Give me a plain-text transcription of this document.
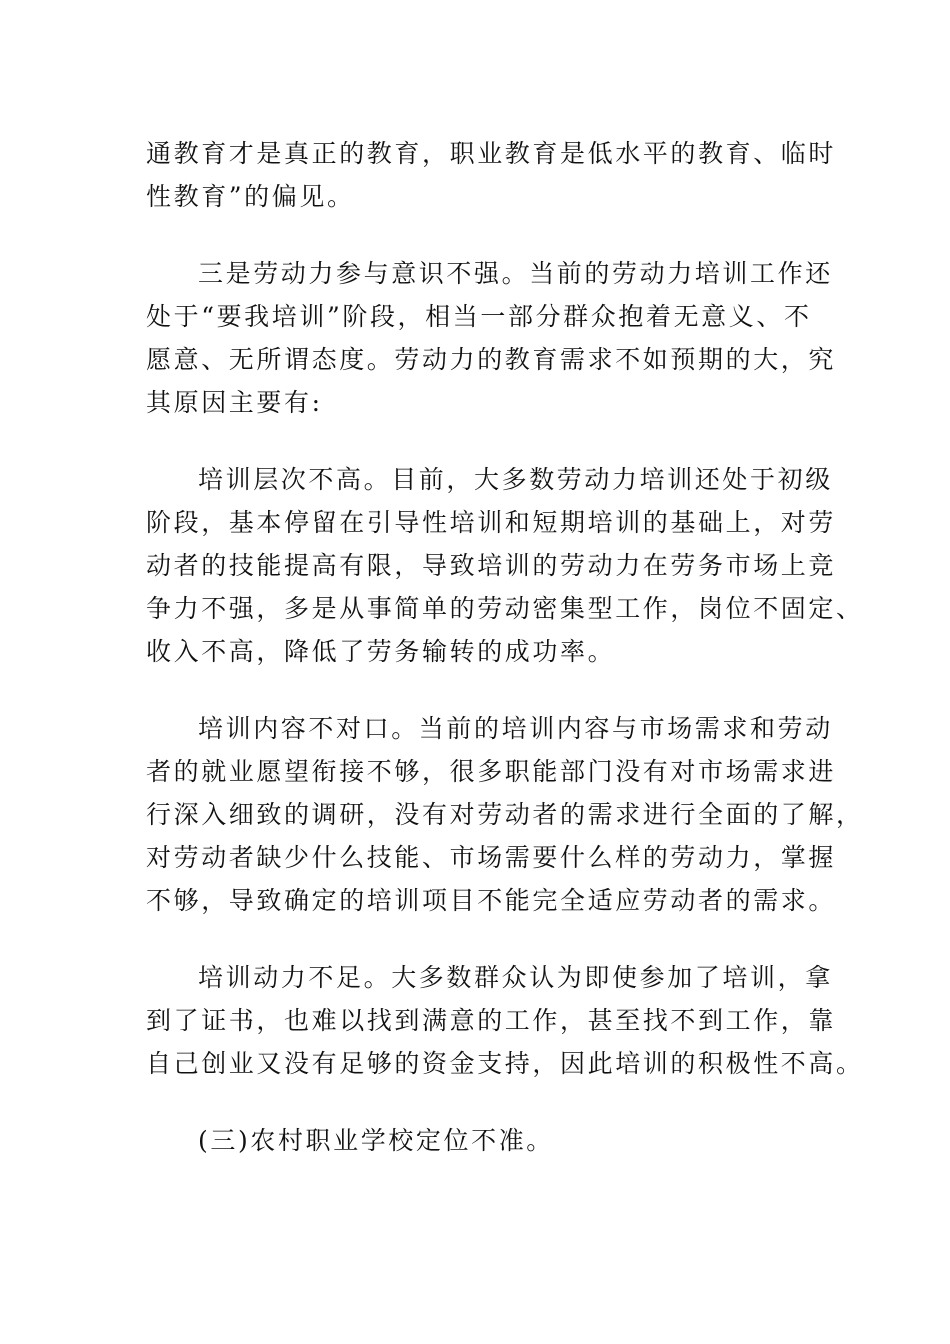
通教育才是真正的教育，职业教育是低水平的教育、临时
性教育”的偏见。

三是劳动力参与意识不强。当前的劳动力培训工作还
处于“要我培训”阶段，相当一部分群众抱着无意义、不
愿意、无所谓态度。劳动力的教育需求不如预期的大，究
其原因主要有:

培训层次不高。目前，大多数劳动力培训还处于初级
阶段，基本停留在引导性培训和短期培训的基础上，对劳
动者的技能提高有限，导致培训的劳动力在劳务市场上竞
争力不强，多是从事简单的劳动密集型工作，岗位不固定、
收入不高，降低了劳务输转的成功率。

培训内容不对口。当前的培训内容与市场需求和劳动
者的就业愿望衔接不够，很多职能部门没有对市场需求进
行深入细致的调研，没有对劳动者的需求进行全面的了解，
对劳动者缺少什么技能、市场需要什么样的劳动力，掌握
不够，导致确定的培训项目不能完全适应劳动者的需求。

培训动力不足。大多数群众认为即使参加了培训，拿
到了证书，也难以找到满意的工作，甚至找不到工作，靠
自己创业又没有足够的资金支持，因此培训的积极性不高。

(三)农村职业学校定位不准。
